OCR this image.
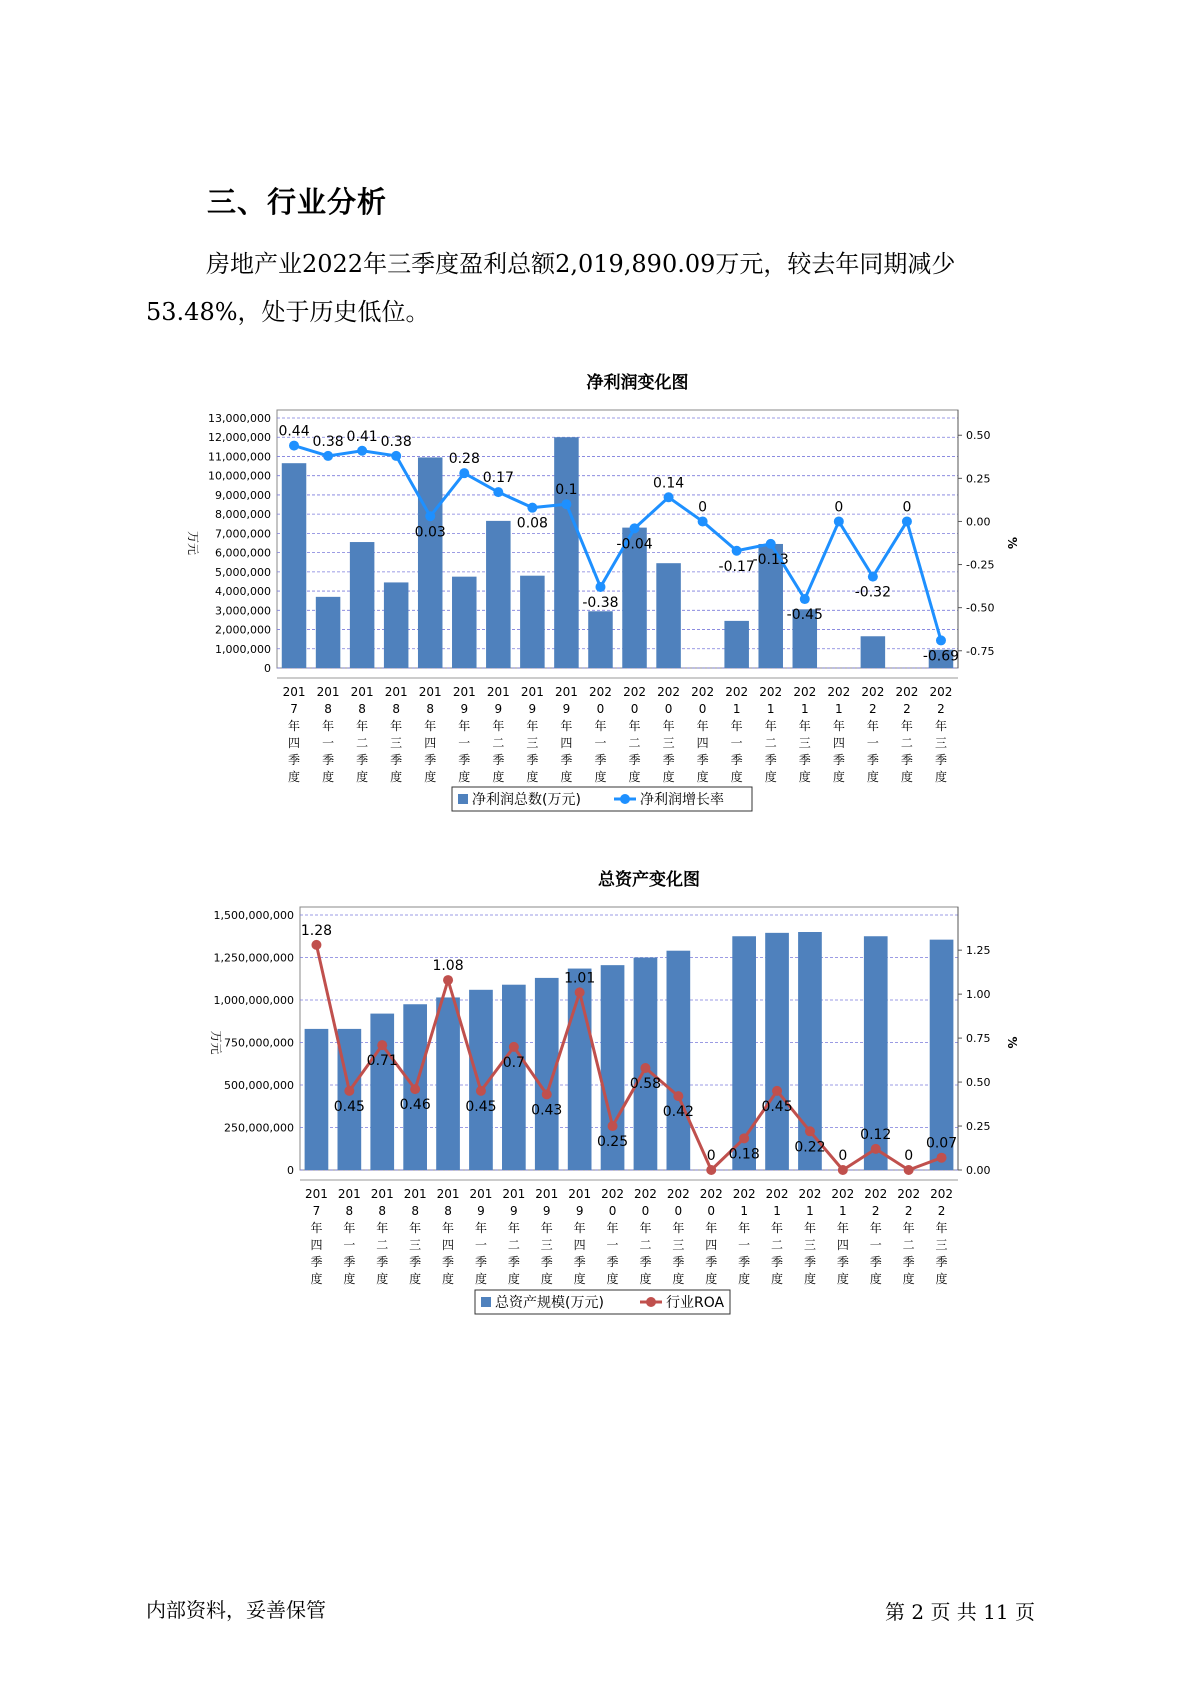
三、行业分析
房地产业2022年三季度盈利总额2,019,890.09万元，较去年同期减少
53.48%，处于历史低位。
净利润变化图
0
1,000,000
2,000,000
3,000,000
4,000,000
5,000,000
6,000,000
7,000,000
8,000,000
9,000,000
10,000,000
11,000,000
12,000,000
13,000,000
-0.75
-0.50
-0.25
0.00
0.25
0.50
万元	%
201 7 年四季度
201 8 年一季度
201 8 年二季度
201 8 年三季度
201 8 年四季度
201 9 年一季度
201 9 年二季度
201 9 年三季度
201 9 年四季度
202 0 年一季度
202 0 年二季度
202 0 年三季度
202 0 年四季度
202 1 年一季度
202 1 年二季度
202 1 年三季度
202 1 年四季度
202 2 年一季度
202 2 年二季度
202 2 年三季度
0.44
0.38 0.41 0.38
0.03
0.28
0.17
0.08
0.1
-0.38
-0.04
0.14
0
-0.17
-0.13
-0.45
0
-0.32
0
-0.69
净利润总数(万元)	净利润增长率
总资产变化图
0
250,000,000
500,000,000
750,000,000
1,000,000,000
1,250,000,000
1,500,000,000
0.00
0.25
0.50
0.75
1.00
1.25
万元	%
201 7 年四季度
201 8 年一季度
201 8 年二季度
201 8 年三季度
201 8 年四季度
201 9 年一季度
201 9 年二季度
201 9 年三季度
201 9 年四季度
202 0 年一季度
202 0 年二季度
202 0 年三季度
202 0 年四季度
202 1 年一季度
202 1 年二季度
202 1 年三季度
202 1 年四季度
202 2 年一季度
202 2 年二季度
202 2 年三季度
1.28
0.45
0.71
0.46
1.08
0.45
0.7
0.43
1.01
0.25
0.58
0.42
0 0.18
0.45
0.22
0
0.12
0
0.07
总资产规模(万元)	行业ROA
内部资料，妥善保管	第 2 页 共 11 页
